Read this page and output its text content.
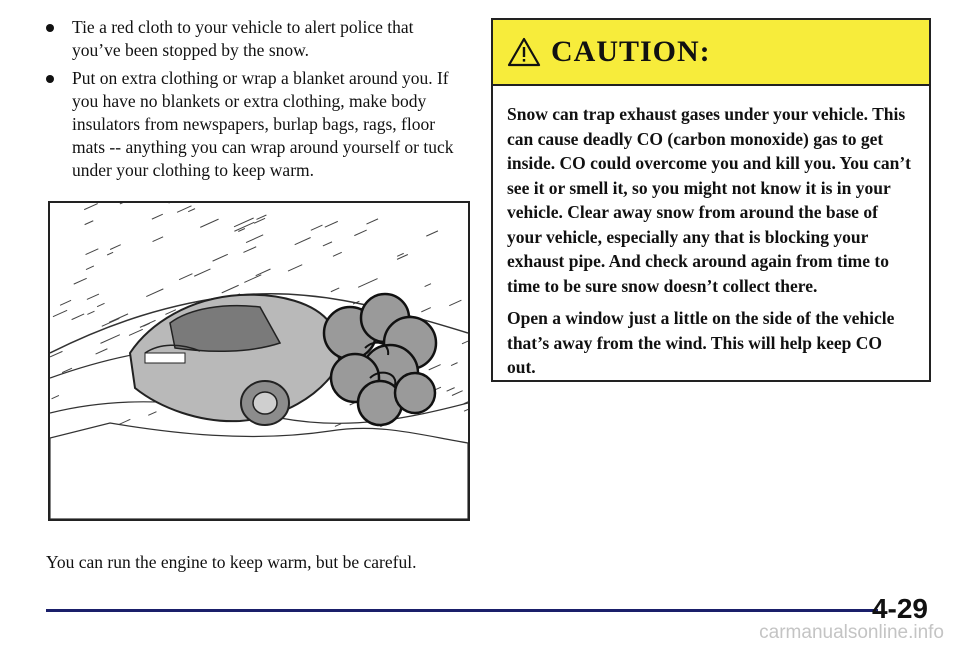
Tie a red cloth to your vehicle to alert police that you’ve been stopped by the snow.
Put on extra clothing or wrap a blanket around you. If you have no blankets or extra clothing, make body insulators from newspapers, burlap bags, rags, floor mats -- anything you can wrap around yourself or tuck under your clothing to keep warm.
You can run the engine to keep warm, but be careful.
CAUTION:

Snow can trap exhaust gases under your vehicle. This can cause deadly CO (carbon monoxide) gas to get inside. CO could overcome you and kill you. You can’t see it or smell it, so you might not know it is in your vehicle. Clear away snow from around the base of your vehicle, especially any that is blocking your exhaust pipe. And check around again from time to time to be sure snow doesn’t collect there.

Open a window just a little on the side of the vehicle that’s away from the wind. This will help keep CO out.

4-29
carmanualsonline.info
